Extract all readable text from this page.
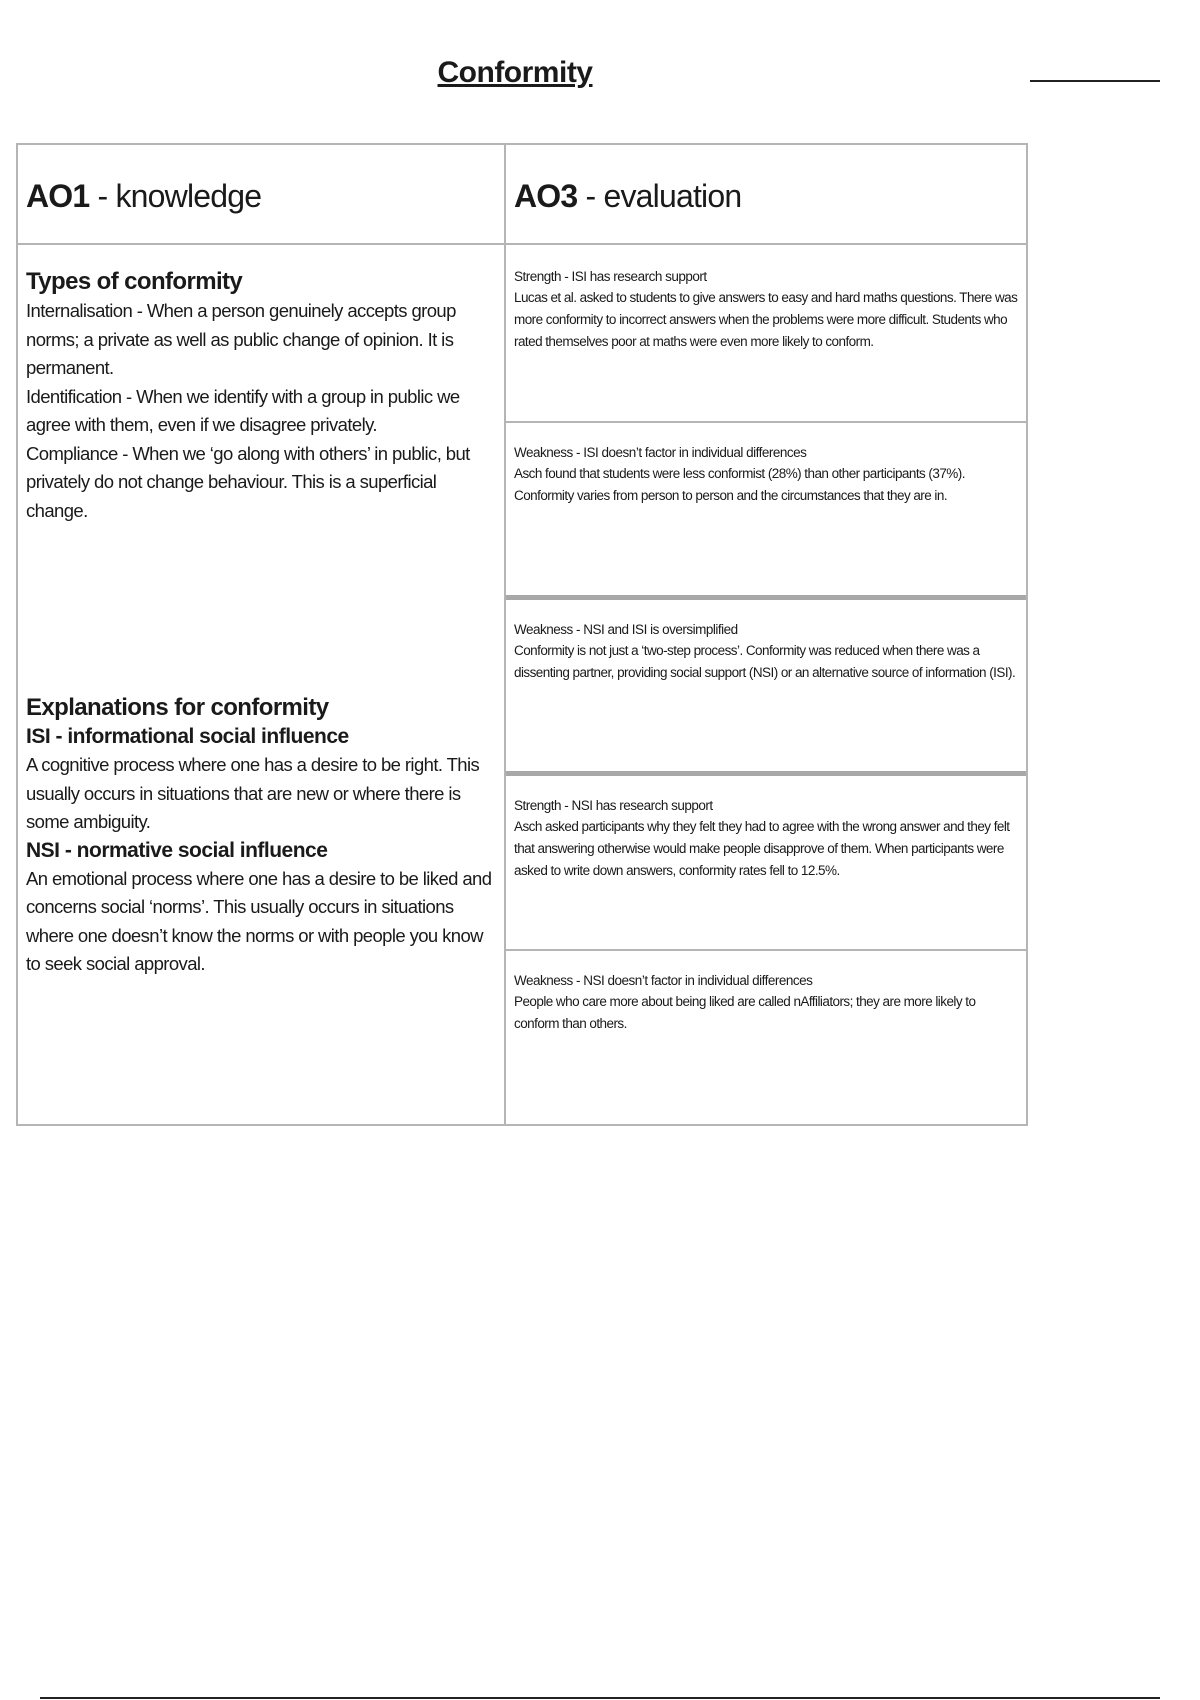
Conformity
AO1 - knowledge	AO3 - evaluation
Types of conformity

Internalisation - When a person genuinely accepts group norms; a private as well as public change of opinion. It is permanent.

Identification - When we identify with a group in public we agree with them, even if we disagree privately.

Compliance - When we ‘go along with others’ in public, but privately do not change behaviour. This is a superficial change.

Explanations for conformity
ISI - informational social influence

A cognitive process where one has a desire to be right. This usually occurs in situations that are new or where there is some ambiguity.

NSI - normative social influence

An emotional process where one has a desire to be liked and concerns social ‘norms’. This usually occurs in situations where one doesn’t know the norms or with people you know to seek social approval.

Strength - ISI has research support

Lucas et al. asked to students to give answers to easy and hard maths questions. There was more conformity to incorrect answers when the problems were more difficult. Students who rated themselves poor at maths were even more likely to conform.

Weakness - ISI doesn’t factor in individual differences

Asch found that students were less conformist (28%) than other participants (37%). Conformity varies from person to person and the circumstances that they are in.

Weakness - NSI and ISI is oversimplified

Conformity is not just a ‘two-step process’. Conformity was reduced when there was a dissenting partner, providing social support (NSI) or an alternative source of information (ISI).

Strength - NSI has research support

Asch asked participants why they felt they had to agree with the wrong answer and they felt that answering otherwise would make people disapprove of them. When participants were asked to write down answers, conformity rates fell to 12.5%.

Weakness - NSI doesn’t factor in individual differences

People who care more about being liked are called nAffiliators; they are more likely to conform than others.
